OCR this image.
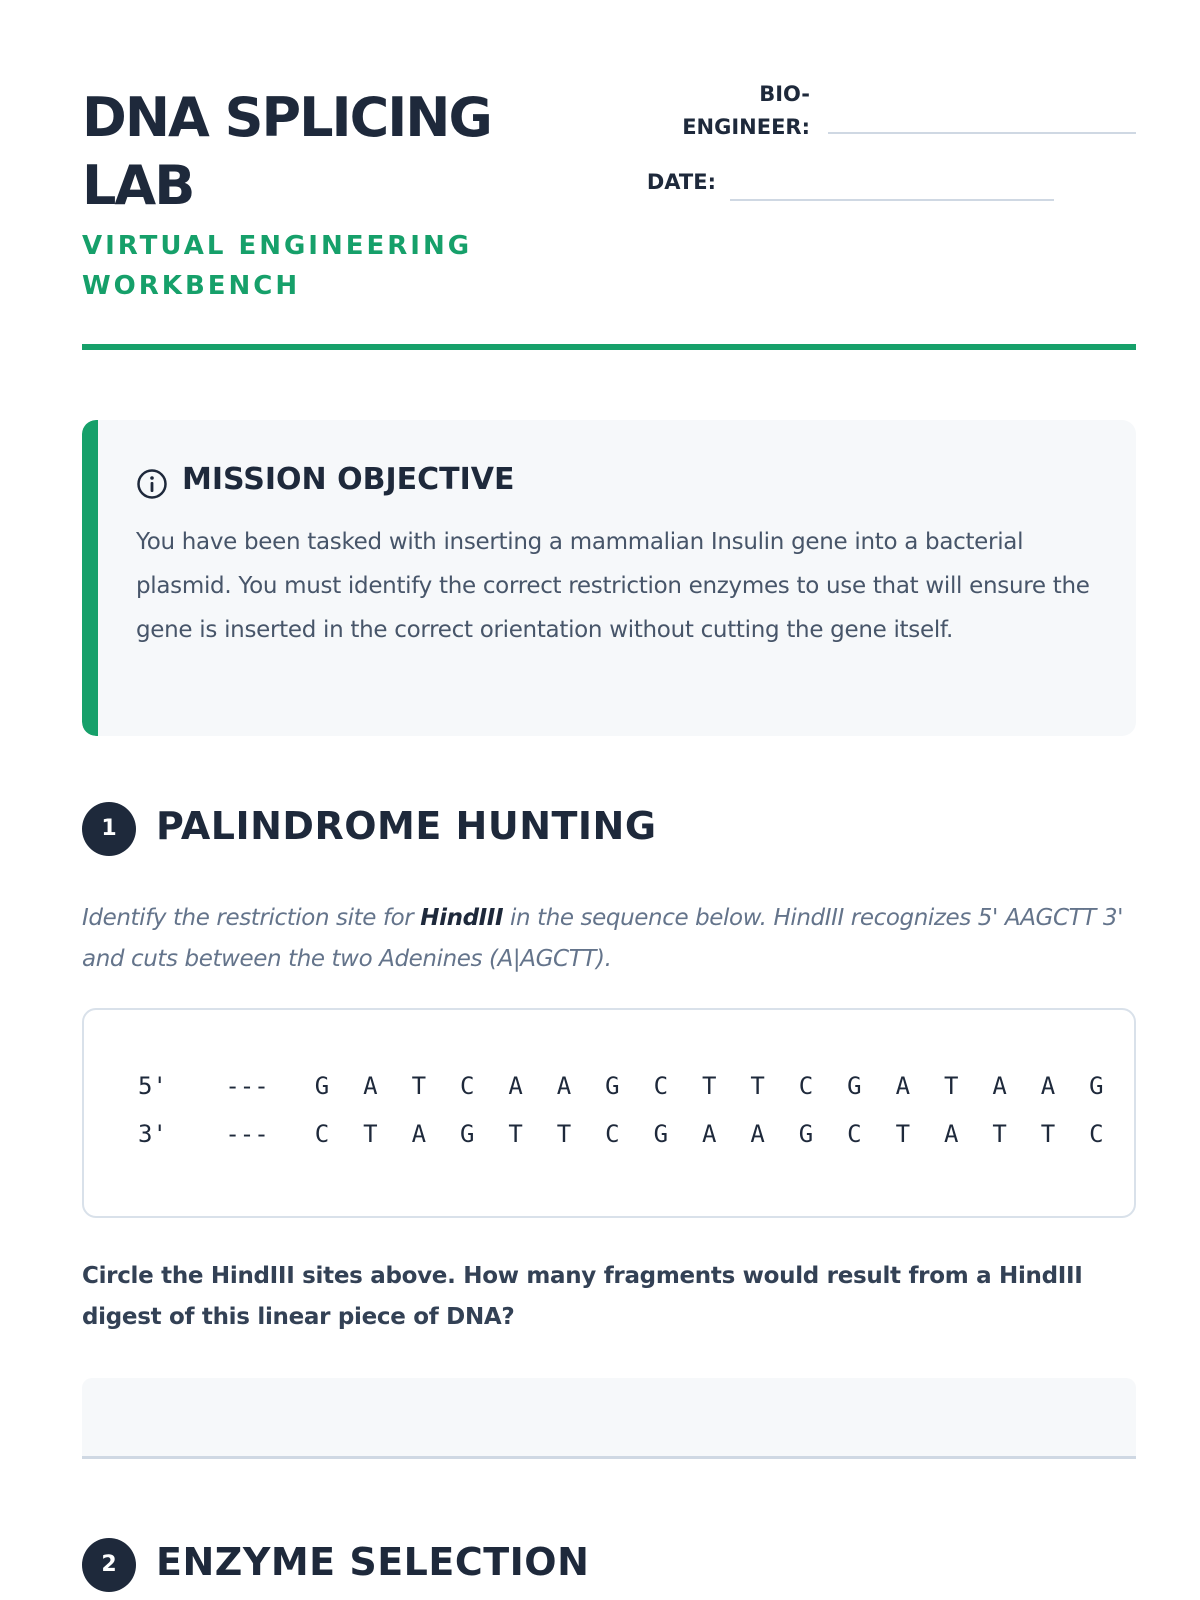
DNA SPLICING LAB
VIRTUAL ENGINEERING WORKBENCH
BIO-
ENGINEER:
DATE:
MISSION OBJECTIVE

You have been tasked with inserting a mammalian Insulin gene into a bacterial plasmid. You must identify the correct restriction enzymes to use that will ensure the gene is inserted in the correct orientation without cutting the gene itself.

1	PALINDROME HUNTING

Identify the restriction site for HindIII in the sequence below. HindIII recognizes 5' AAGCTT 3' and cuts between the two Adenines (A|AGCTT).

5'	---	G A T C A A G C T T C G A T A A G
3'	---	C T A G T T C G A A G C T A T T C

Circle the HindIII sites above. How many fragments would result from a HindIII digest of this linear piece of DNA?

2	ENZYME SELECTION
